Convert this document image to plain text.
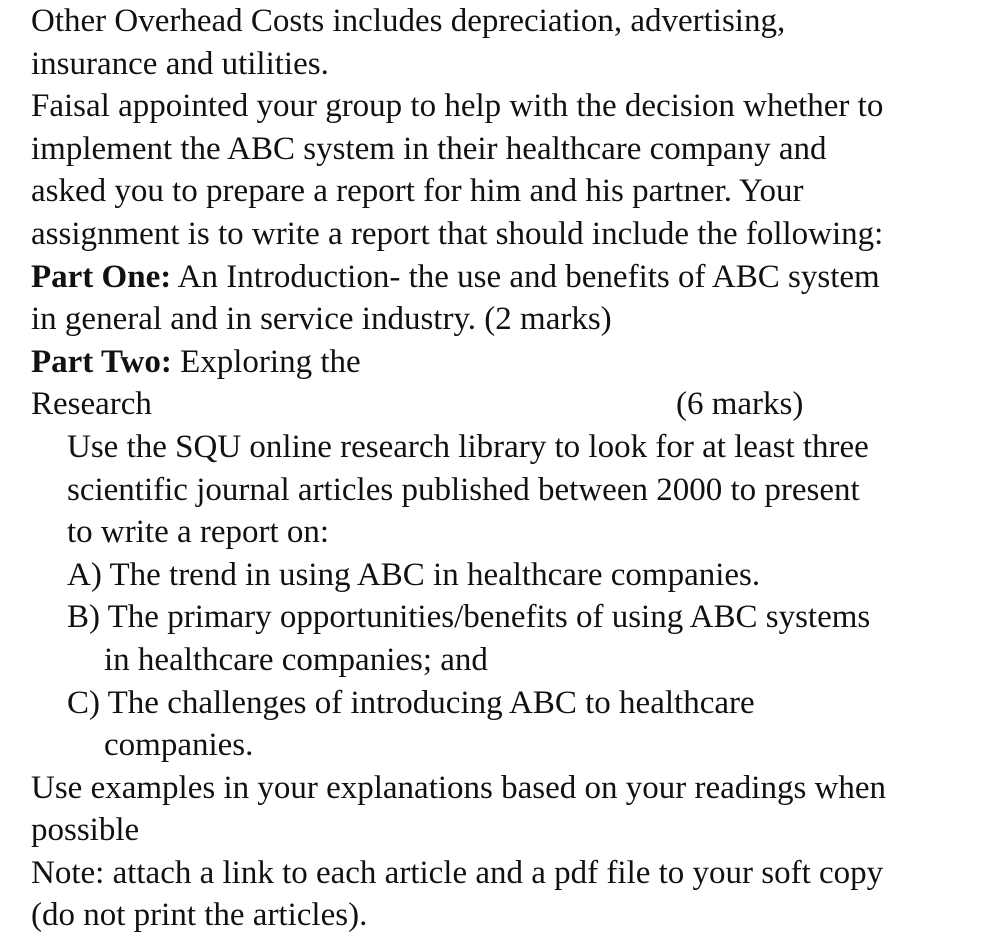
Other Overhead Costs includes depreciation, advertising,
insurance and utilities.
Faisal appointed your group to help with the decision whether to
implement the ABC system in their healthcare company and
asked you to prepare a report for him and his partner. Your
assignment is to write a report that should include the following:
Part One: An Introduction- the use and benefits of ABC system
in general and in service industry. (2 marks)
Part Two: Exploring the
Research	(6 marks)
Use the SQU online research library to look for at least three
scientific journal articles published between 2000 to present
to write a report on:
A) The trend in using ABC in healthcare companies.
B) The primary opportunities/benefits of using ABC systems
in healthcare companies; and
C) The challenges of introducing ABC to healthcare
companies.
Use examples in your explanations based on your readings when
possible
Note: attach a link to each article and a pdf file to your soft copy
(do not print the articles).
